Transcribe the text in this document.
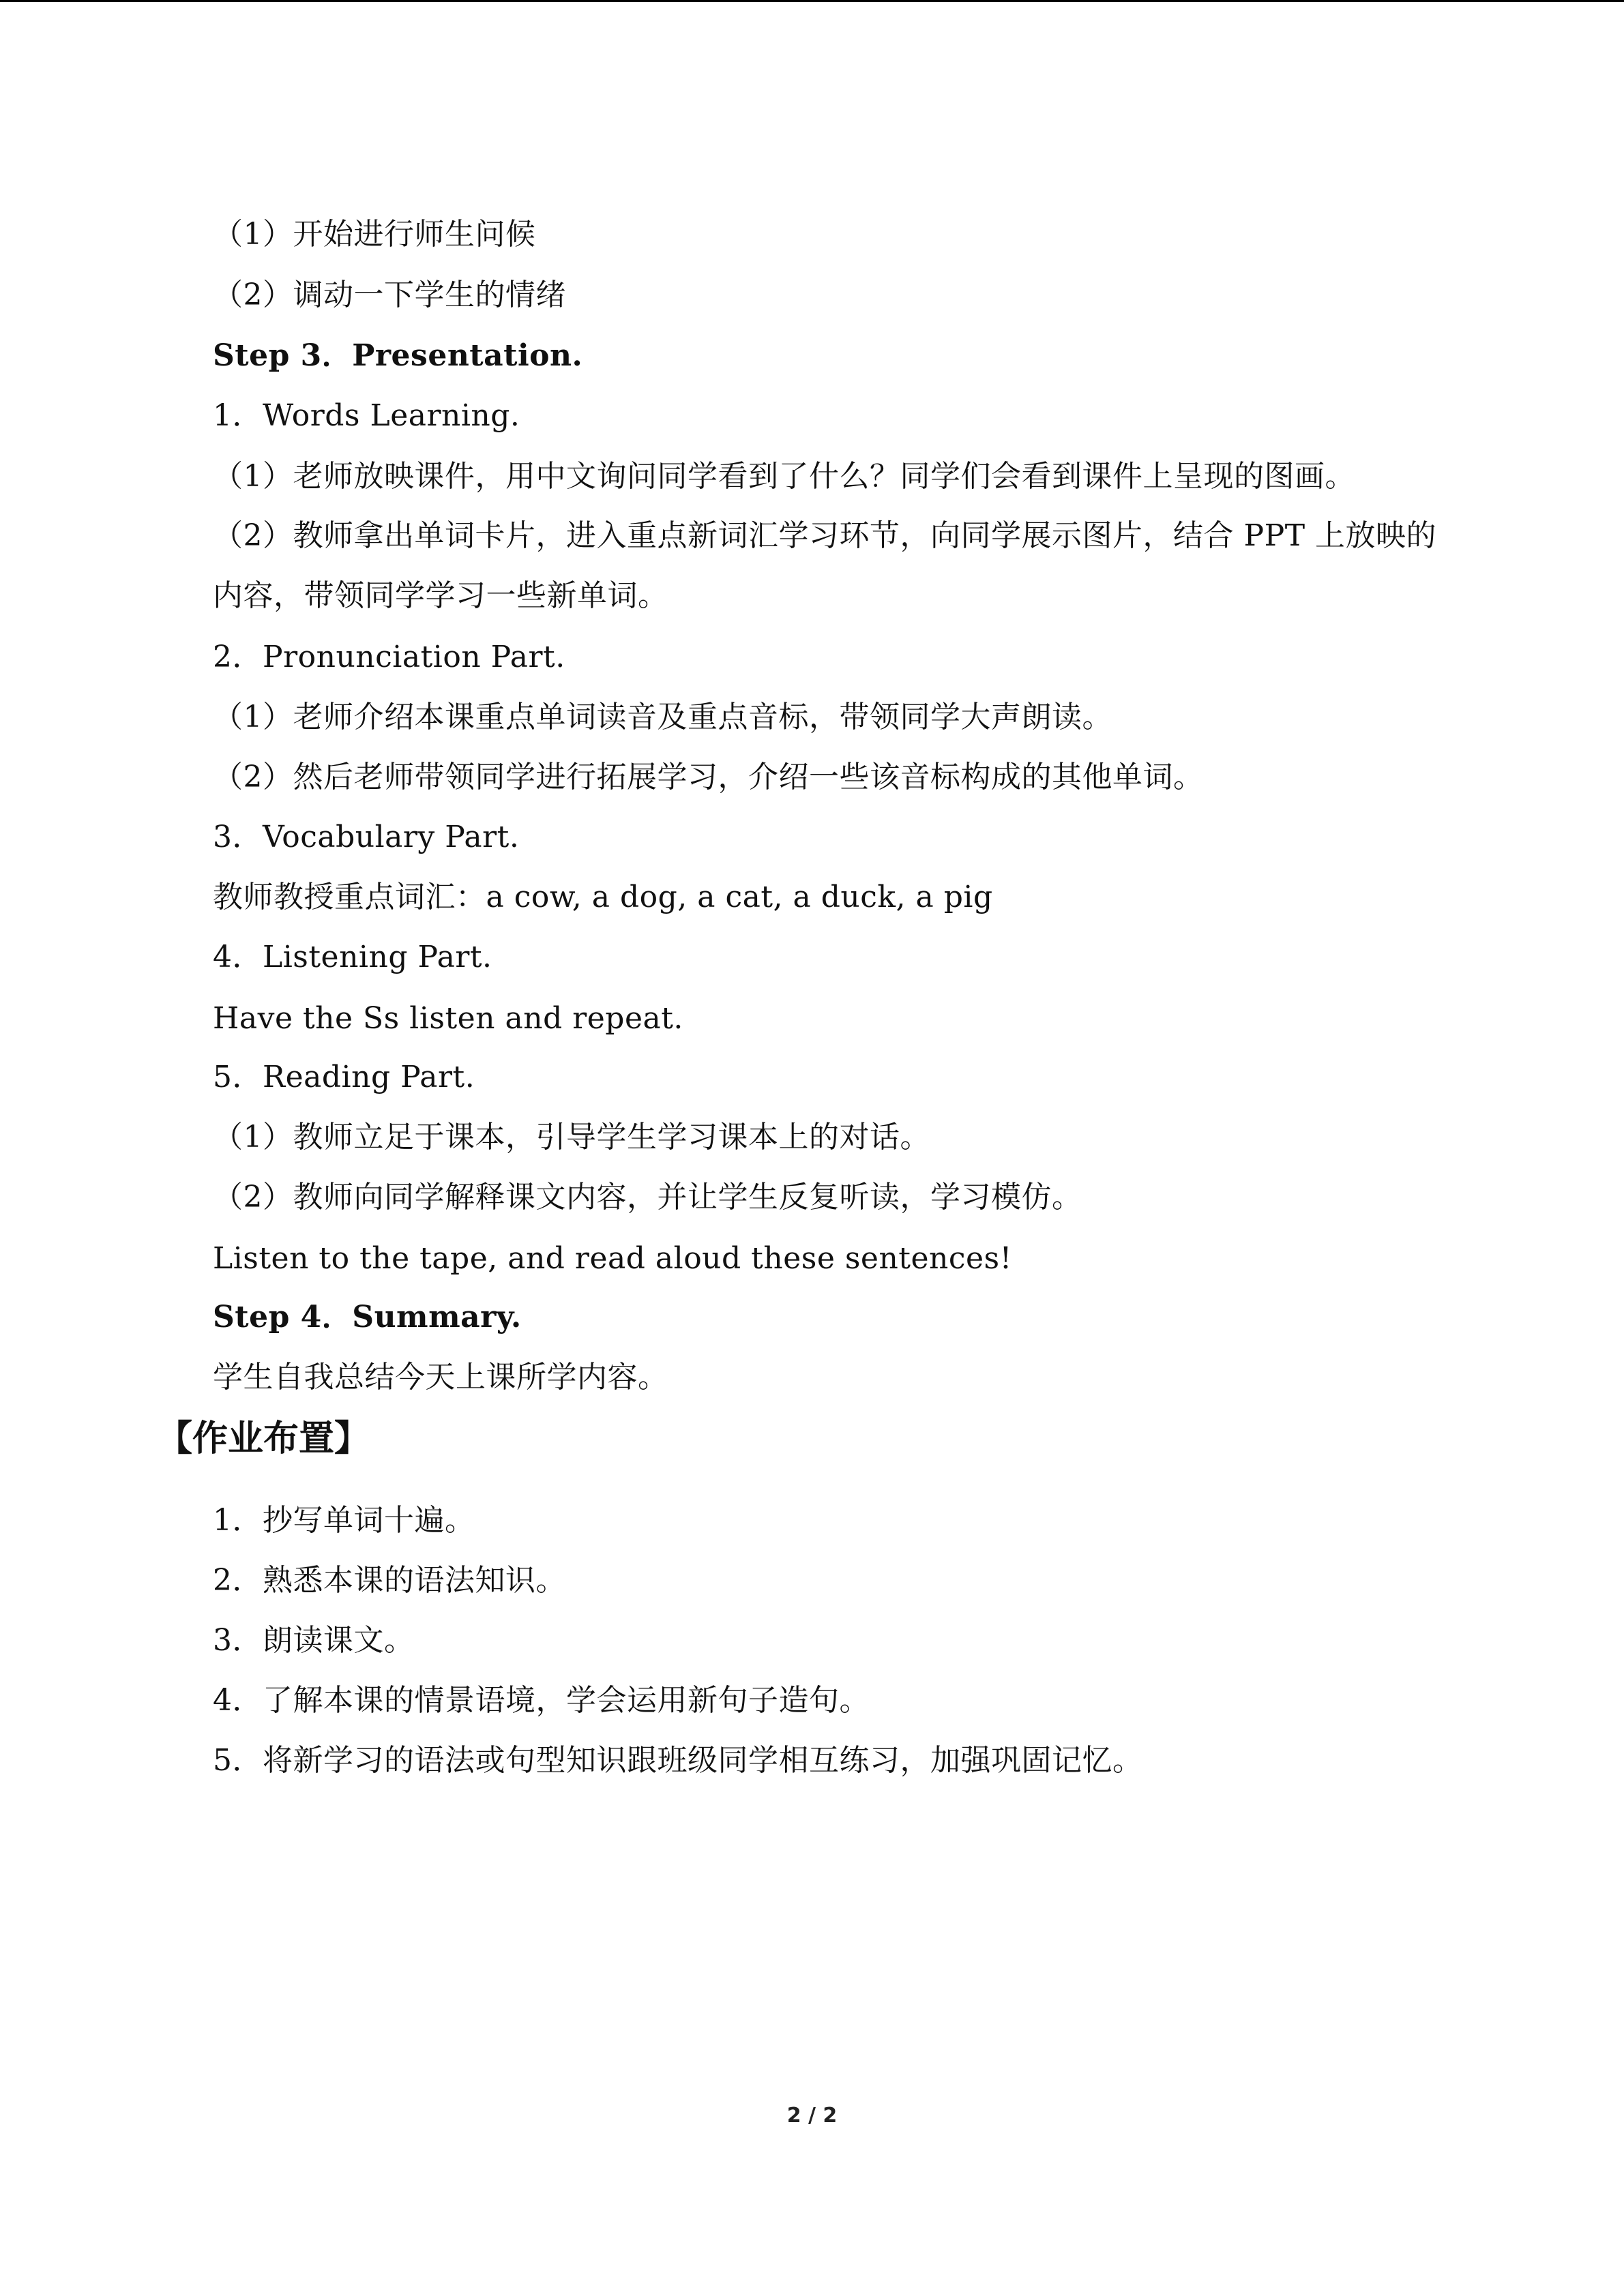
（1）开始进行师生问候
（2）调动一下学生的情绪
Step 3．Presentation.
1．Words Learning.
（1）老师放映课件，用中文询问同学看到了什么？同学们会看到课件上呈现的图画。
（2）教师拿出单词卡片，进入重点新词汇学习环节，向同学展示图片，结合 PPT 上放映的内容，带领同学学习一些新单词。
2．Pronunciation Part.
（1）老师介绍本课重点单词读音及重点音标，带领同学大声朗读。
（2）然后老师带领同学进行拓展学习，介绍一些该音标构成的其他单词。
3．Vocabulary Part.
教师教授重点词汇：a cow, a dog, a cat, a duck, a pig
4．Listening Part.
Have the Ss listen and repeat.
5．Reading Part.
（1）教师立足于课本，引导学生学习课本上的对话。
（2）教师向同学解释课文内容，并让学生反复听读，学习模仿。
Listen to the tape, and read aloud these sentences!
Step 4．Summary.
学生自我总结今天上课所学内容。
【作业布置】
1．抄写单词十遍。
2．熟悉本课的语法知识。
3．朗读课文。
4．了解本课的情景语境，学会运用新句子造句。
5．将新学习的语法或句型知识跟班级同学相互练习，加强巩固记忆。
2 / 2
